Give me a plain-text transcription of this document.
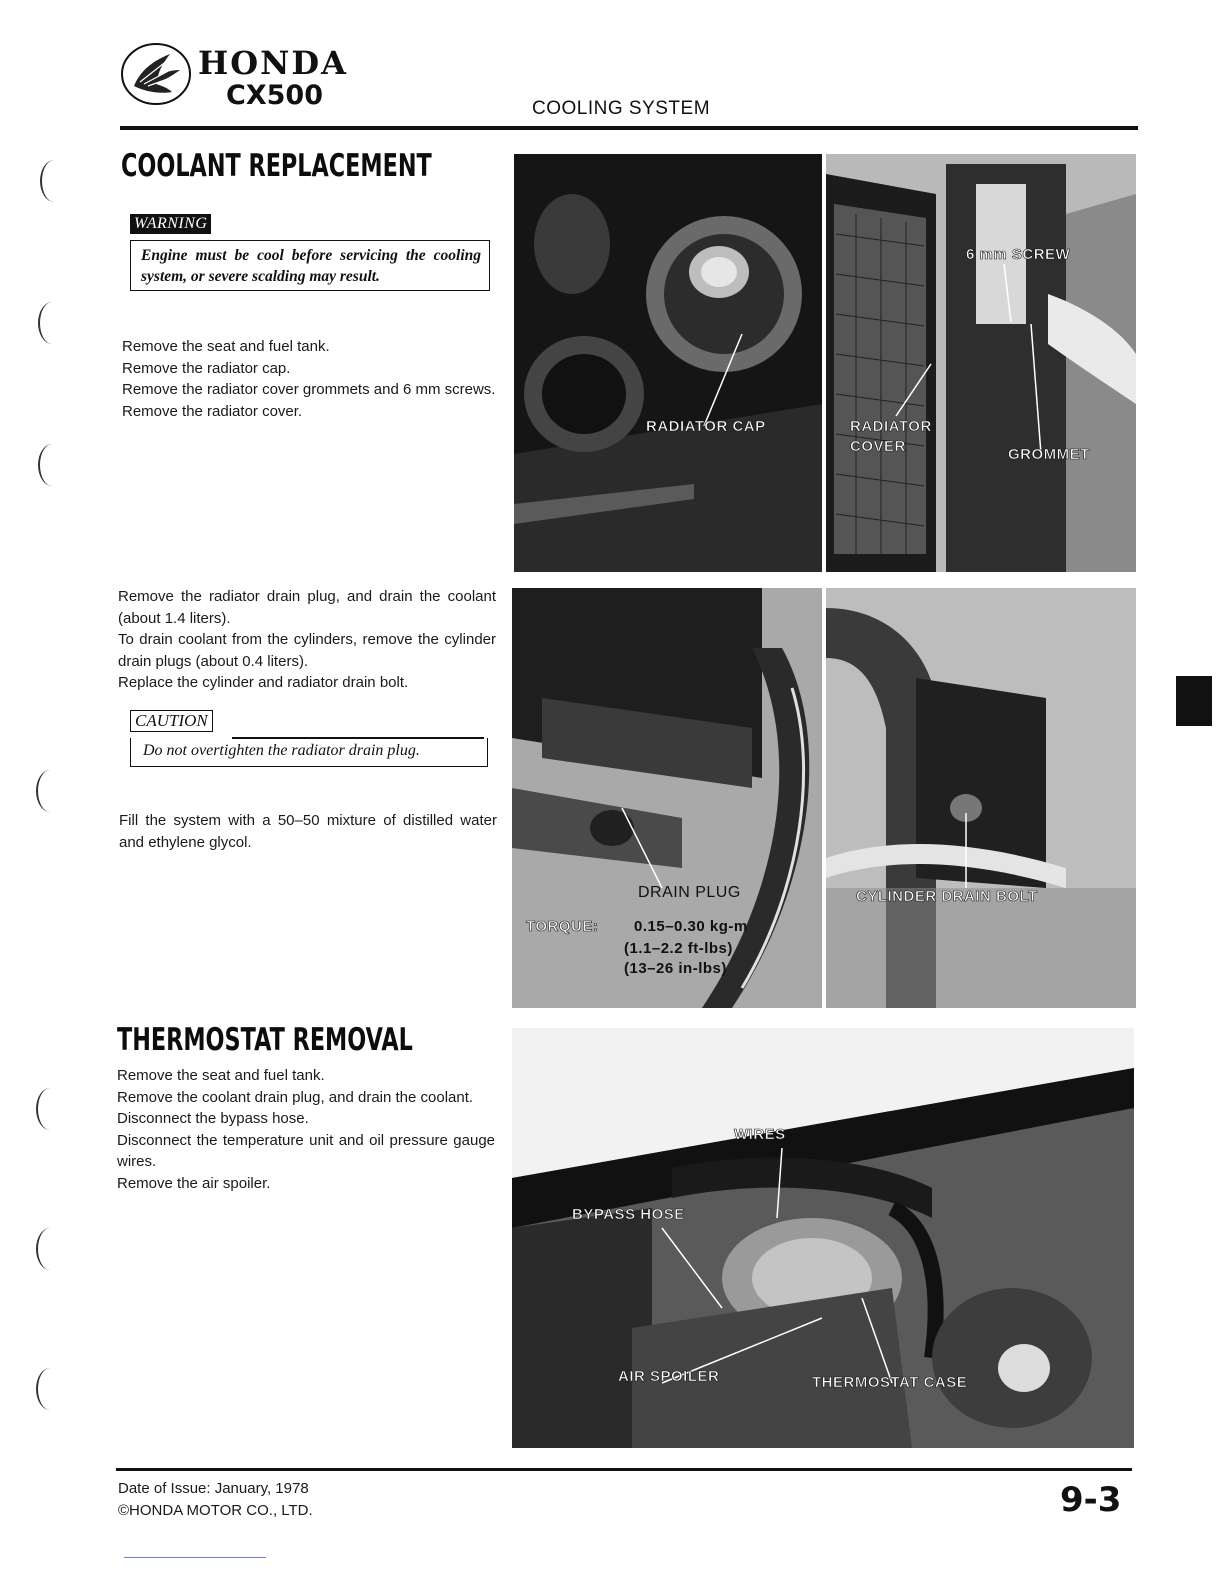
HONDA
CX500	COOLING SYSTEM
COOLANT REPLACEMENT
WARNING
Engine must be cool before servicing the cooling system, or severe scalding may result.

Remove the seat and fuel tank.

Remove the radiator cap.

Remove the radiator cover grommets and 6 mm screws.

Remove the radiator cover.

Remove the radiator drain plug, and drain the coolant (about 1.4 liters).

To drain coolant from the cylinders, remove the cylinder drain plugs (about 0.4 liters).

Replace the cylinder and radiator drain bolt.

CAUTION
Do not overtighten the radiator drain plug.

Fill the system with a 50–50 mixture of distilled water and ethylene glycol.

THERMOSTAT REMOVAL

Remove the seat and fuel tank.

Remove the coolant drain plug, and drain the coolant.

Disconnect the bypass hose.

Disconnect the temperature unit and oil pressure gauge wires.

Remove the air spoiler.

RADIATOR CAP
6 mm SCREW
RADIATOR
COVER	GROMMET
DRAIN PLUG
TORQUE: 0.15–0.30 kg-m
(1.1–2.2 ft-lbs)
(13–26 in-lbs)
CYLINDER DRAIN BOLT
WIRES
BYPASS HOSE
AIR SPOILER	THERMOSTAT CASE
Date of Issue: January, 1978
©HONDA MOTOR CO., LTD.	9-3
